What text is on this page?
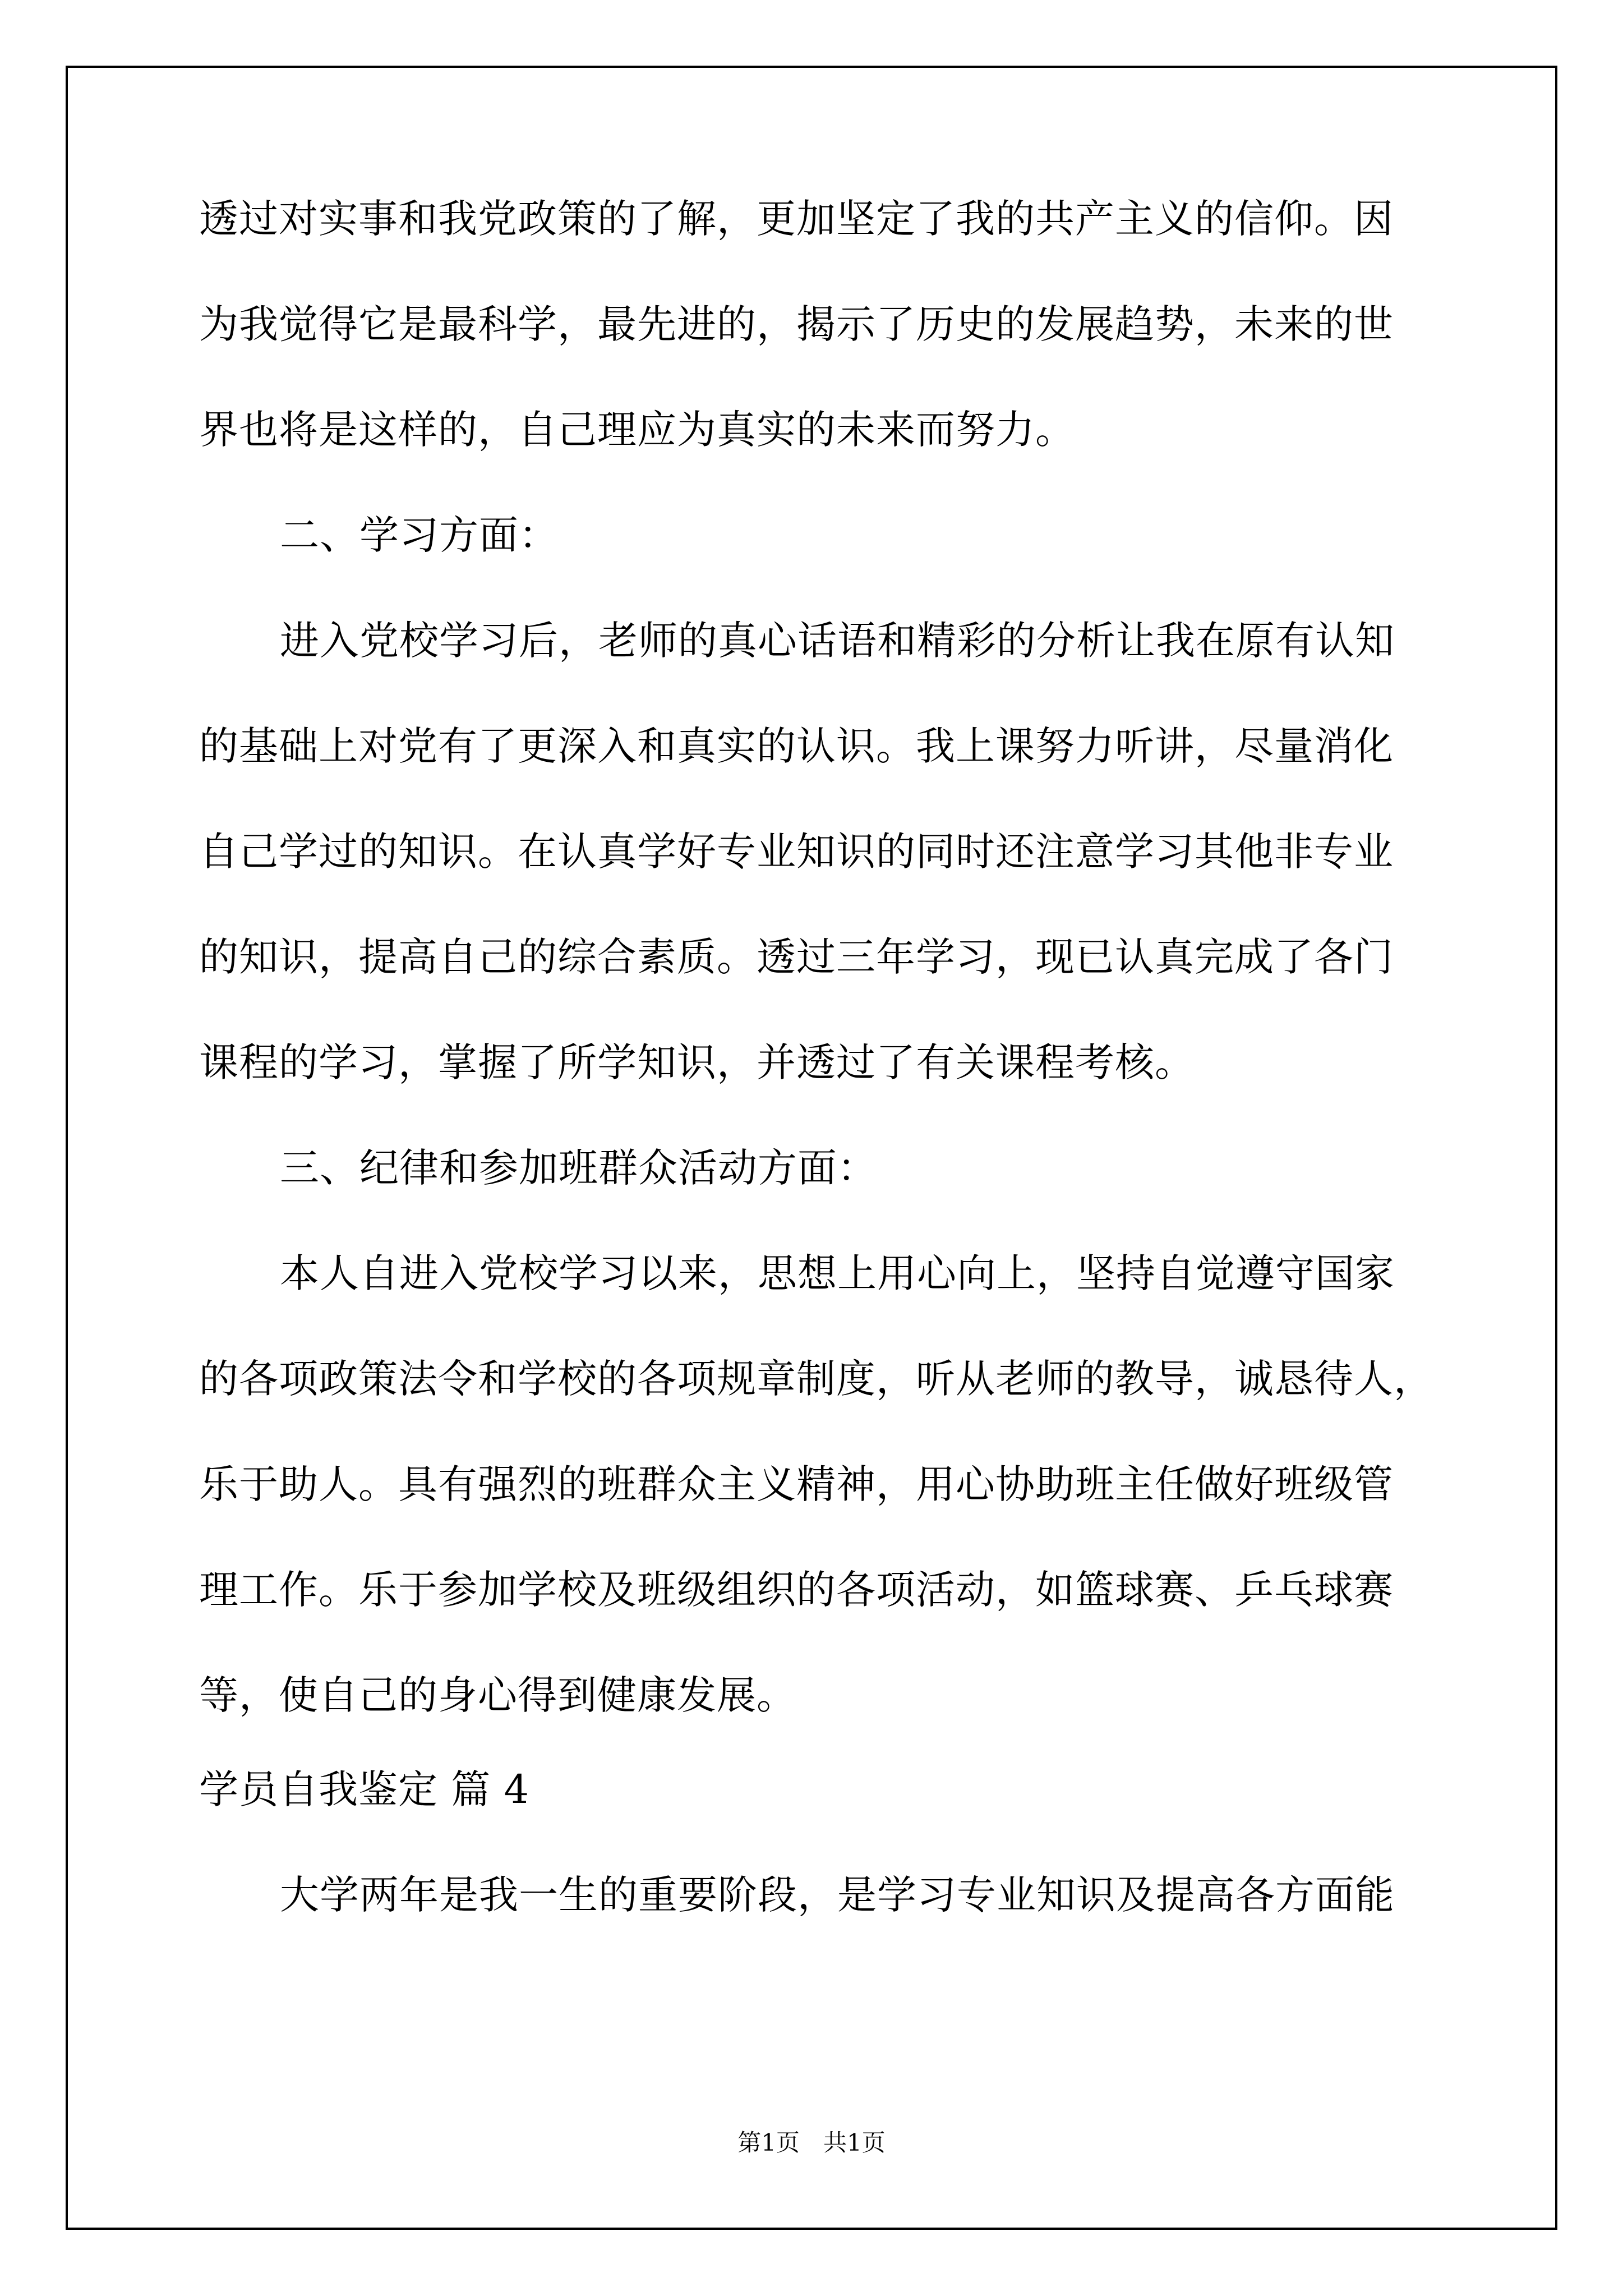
透过对实事和我党政策的了解，更加坚定了我的共产主义的信仰。因
为我觉得它是最科学，最先进的，揭示了历史的发展趋势，未来的世
界也将是这样的，自己理应为真实的未来而努力。
二、学习方面：
进入党校学习后，老师的真心话语和精彩的分析让我在原有认知
的基础上对党有了更深入和真实的认识。我上课努力听讲，尽量消化
自己学过的知识。在认真学好专业知识的同时还注意学习其他非专业
的知识，提高自己的综合素质。透过三年学习，现已认真完成了各门
课程的学习，掌握了所学知识，并透过了有关课程考核。
三、纪律和参加班群众活动方面：
本人自进入党校学习以来，思想上用心向上，坚持自觉遵守国家
的各项政策法令和学校的各项规章制度，听从老师的教导，诚恳待人，
乐于助人。具有强烈的班群众主义精神，用心协助班主任做好班级管
理工作。乐于参加学校及班级组织的各项活动，如篮球赛、乒乓球赛
等，使自己的身心得到健康发展。
学员自我鉴定 篇 4
大学两年是我一生的重要阶段，是学习专业知识及提高各方面能
第1页　共1页
